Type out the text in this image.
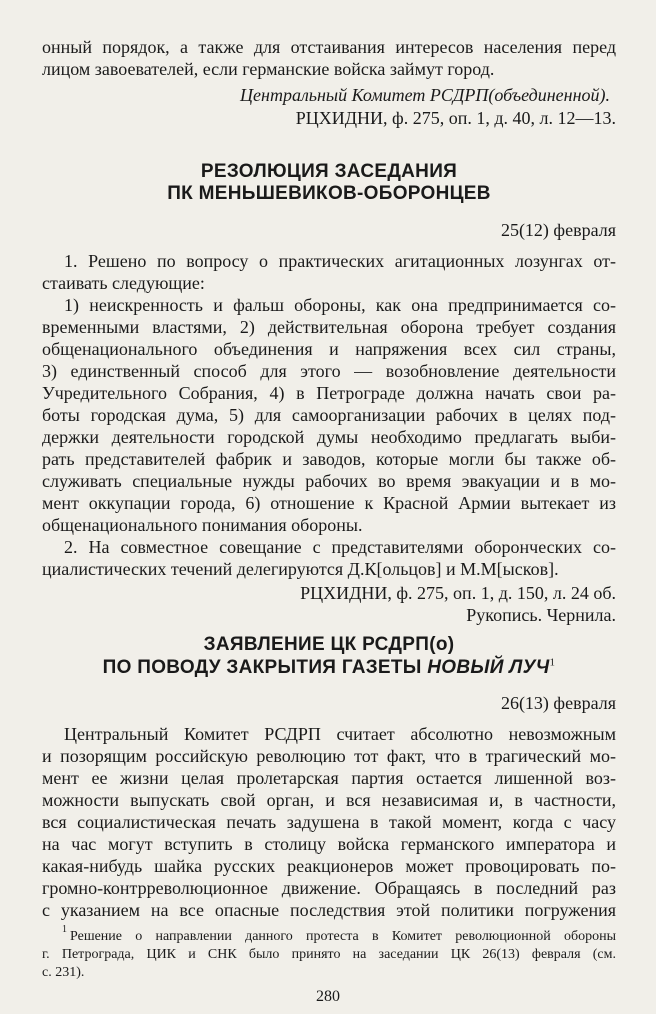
онный порядок, а также для отстаивания интересов населения перед
лицом завоевателей, если германские войска займут город.
Центральный Комитет РСДРП(объединенной).
РЦХИДНИ, ф. 275, оп. 1, д. 40, л. 12—13.
РЕЗОЛЮЦИЯ ЗАСЕДАНИЯ
ПК МЕНЬШЕВИКОВ-ОБОРОНЦЕВ
25(12) февраля
1. Решено по вопросу о практических агитационных лозунгах от-
стаивать следующие:
1) неискренность и фальш обороны, как она предпринимается со-
временными властями, 2) действительная оборона требует создания
общенационального объединения и напряжения всех сил страны,
3) единственный способ для этого — возобновление деятельности
Учредительного Собрания, 4) в Петрограде должна начать свои ра-
боты городская дума, 5) для самоорганизации рабочих в целях под-
держки деятельности городской думы необходимо предлагать выби-
рать представителей фабрик и заводов, которые могли бы также об-
служивать специальные нужды рабочих во время эвакуации и в мо-
мент оккупации города, 6) отношение к Красной Армии вытекает из
общенационального понимания обороны.
2. На совместное совещание с представителями оборонческих со-
циалистических течений делегируются Д.К[ольцов] и М.М[ысков].
РЦХИДНИ, ф. 275, оп. 1, д. 150, л. 24 об.
Рукопись. Чернила.
ЗАЯВЛЕНИЕ ЦК РСДРП(о)
ПО ПОВОДУ ЗАКРЫТИЯ ГАЗЕТЫ НОВЫЙ ЛУЧ$^1$
26(13) февраля
Центральный Комитет РСДРП считает абсолютно невозможным
и позорящим российскую революцию тот факт, что в трагический мо-
мент ее жизни целая пролетарская партия остается лишенной воз-
можности выпускать свой орган, и вся независимая и, в частности,
вся социалистическая печать задушена в такой момент, когда с часу
на час могут вступить в столицу войска германского императора и
какая-нибудь шайка русских реакционеров может провоцировать по-
громно-контрреволюционное движение. Обращаясь в последний раз
с указанием на все опасные последствия этой политики погружения
1 Решение о направлении данного протеста в Комитет революционной обороны
г. Петрограда, ЦИК и СНК было принято на заседании ЦК 26(13) февраля (см.
с. 231).
280
